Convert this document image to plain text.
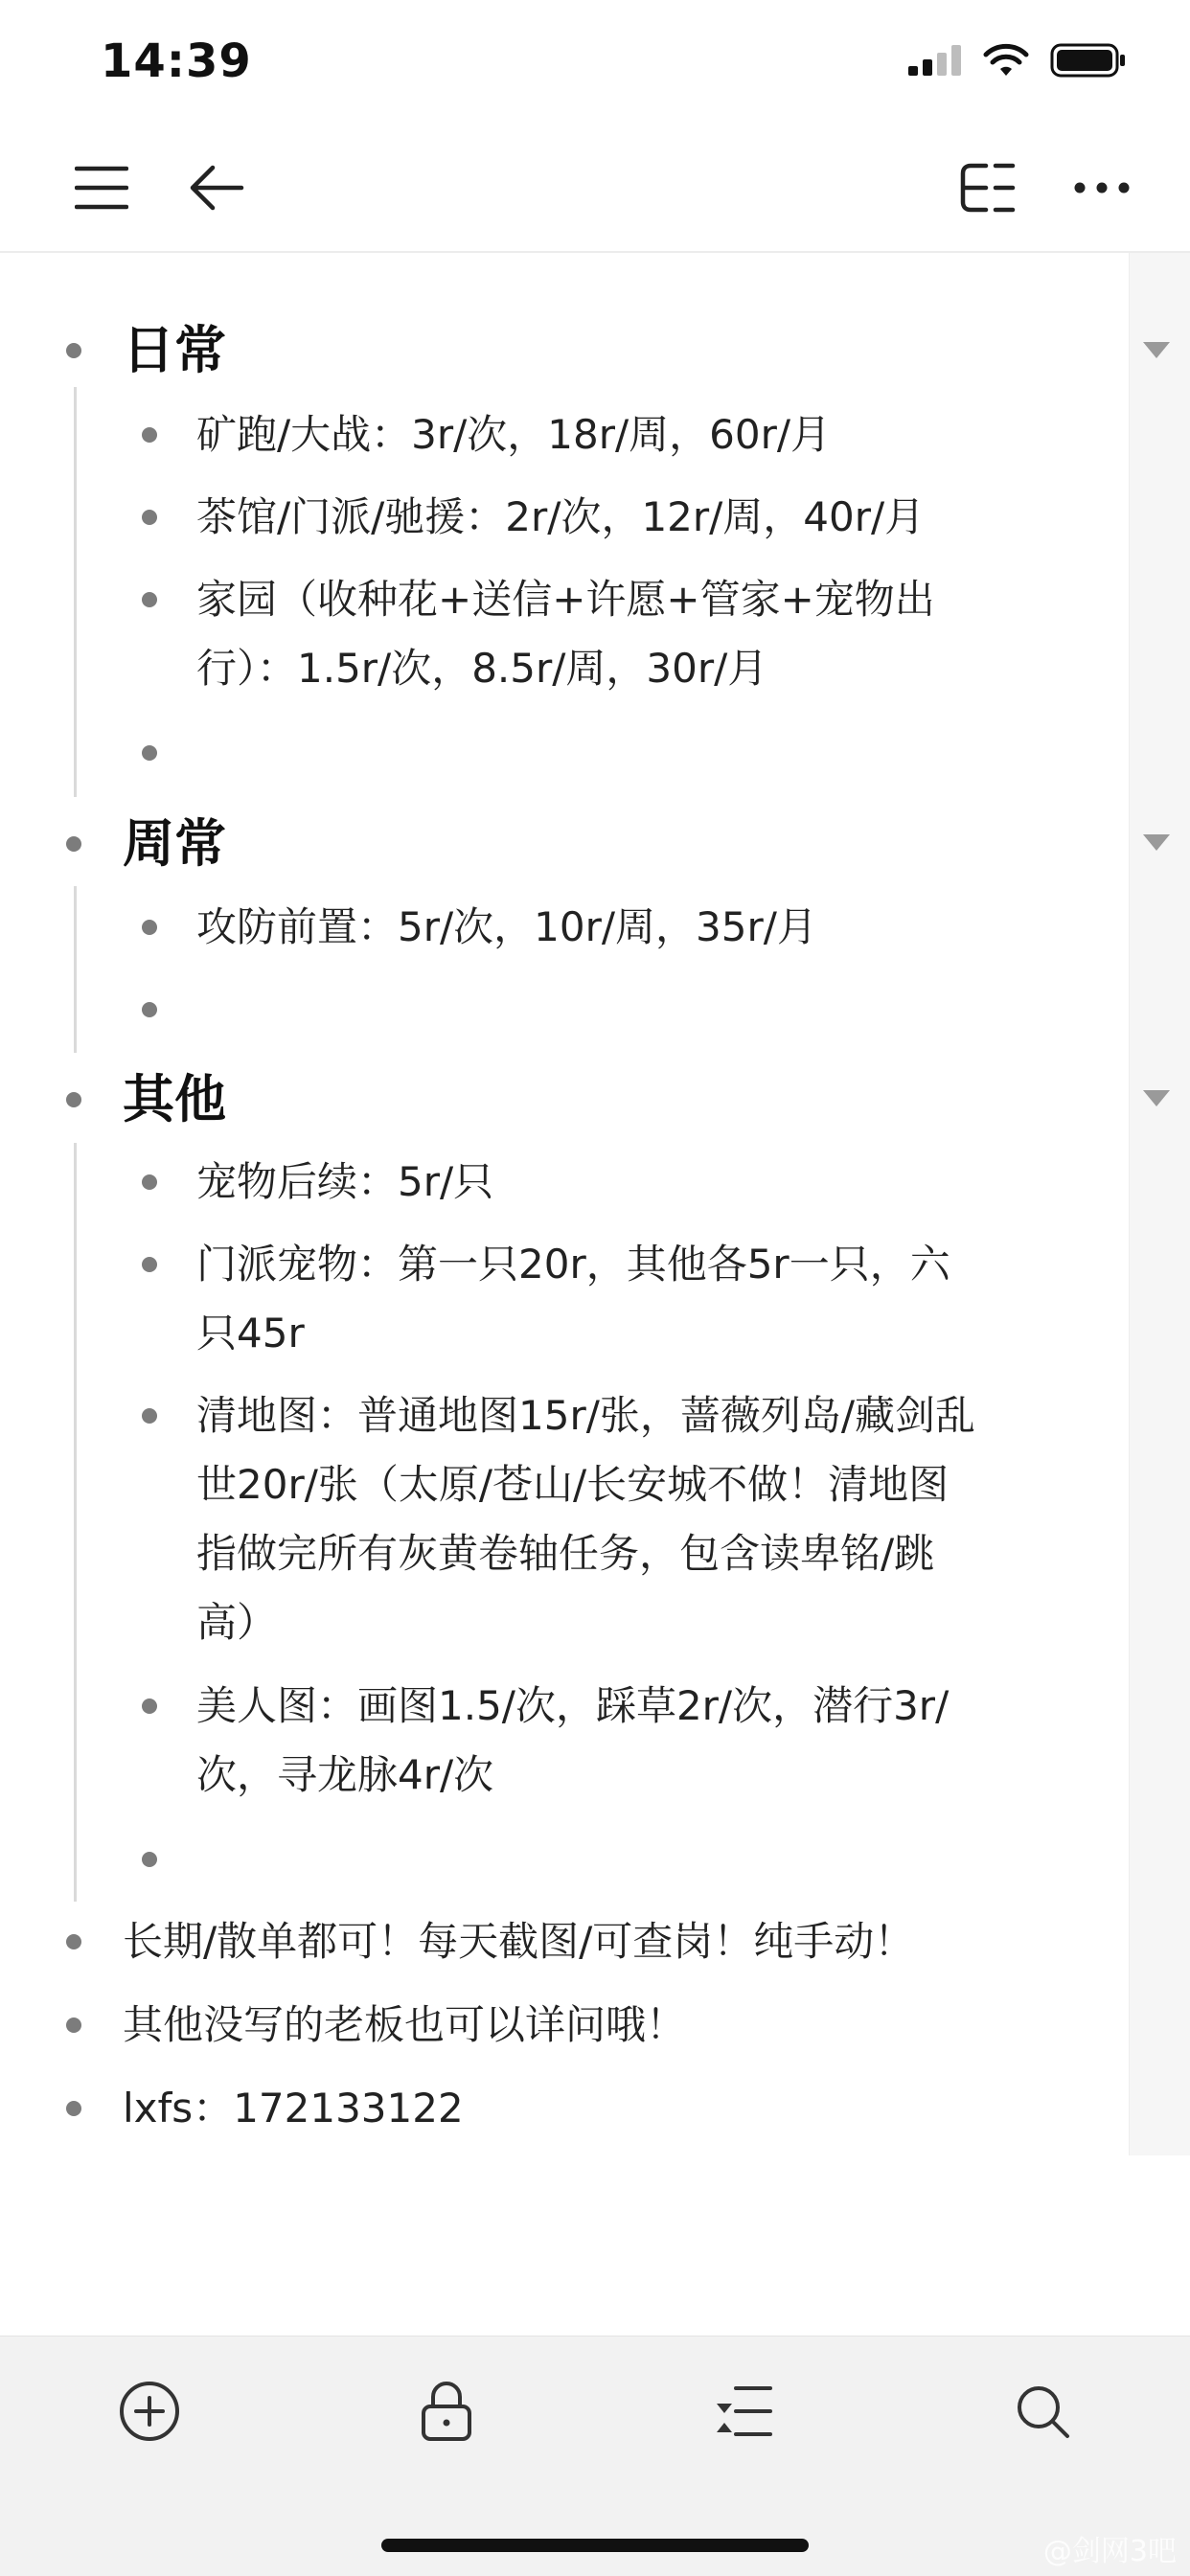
14:39
日常
矿跑/大战：3r/次，18r/周，60r/月
茶馆/门派/驰援：2r/次，12r/周，40r/月
家园（收种花+送信+许愿+管家+宠物出
行）：1.5r/次，8.5r/周，30r/月
周常
攻防前置：5r/次，10r/周，35r/月
其他
宠物后续：5r/只
门派宠物：第一只20r，其他各5r一只，六
只45r
清地图：普通地图15r/张，蔷薇列岛/藏剑乱
世20r/张（太原/苍山/长安城不做！清地图
指做完所有灰黄卷轴任务，包含读卑铭/跳
高）
美人图：画图1.5/次，踩草2r/次，潜行3r/
次，寻龙脉4r/次
长期/散单都可！每天截图/可查岗！纯手动！
其他没写的老板也可以详问哦！
lxfs：172133122
@剑网3吧
